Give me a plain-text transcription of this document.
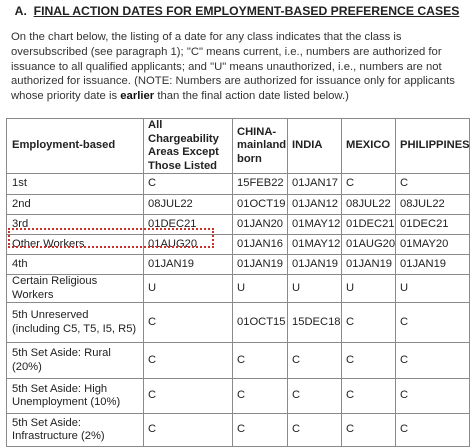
A. FINAL ACTION DATES FOR EMPLOYMENT-BASED PREFERENCE CASES
On the chart below, the listing of a date for any class indicates that the class is oversubscribed (see paragraph 1); "C" means current, i.e., numbers are authorized for issuance to all qualified applicants; and "U" means unauthorized, i.e., numbers are not authorized for issuance. (NOTE: Numbers are authorized for issuance only for applicants whose priority date is earlier than the final action date listed below.)
Employment-based	All Chargeability Areas Except Those Listed	CHINA-mainland born	INDIA	MEXICO	PHILIPPINES
1st	C	15FEB22	01JAN17	C	C
2nd	08JUL22	01OCT19	01JAN12	08JUL22	08JUL22
3rd	01DEC21	01JAN20	01MAY12	01DEC21	01DEC21
Other Workers	01AUG20	01JAN16	01MAY12	01AUG20	01MAY20
4th	01JAN19	01JAN19	01JAN19	01JAN19	01JAN19
Certain Religious Workers	U	U	U	U	U
5th Unreserved (including C5, T5, I5, R5)	C	01OCT15	15DEC18	C	C
5th Set Aside: Rural (20%)	C	C	C	C	C
5th Set Aside: High Unemployment (10%)	C	C	C	C	C
5th Set Aside: Infrastructure (2%)	C	C	C	C	C
